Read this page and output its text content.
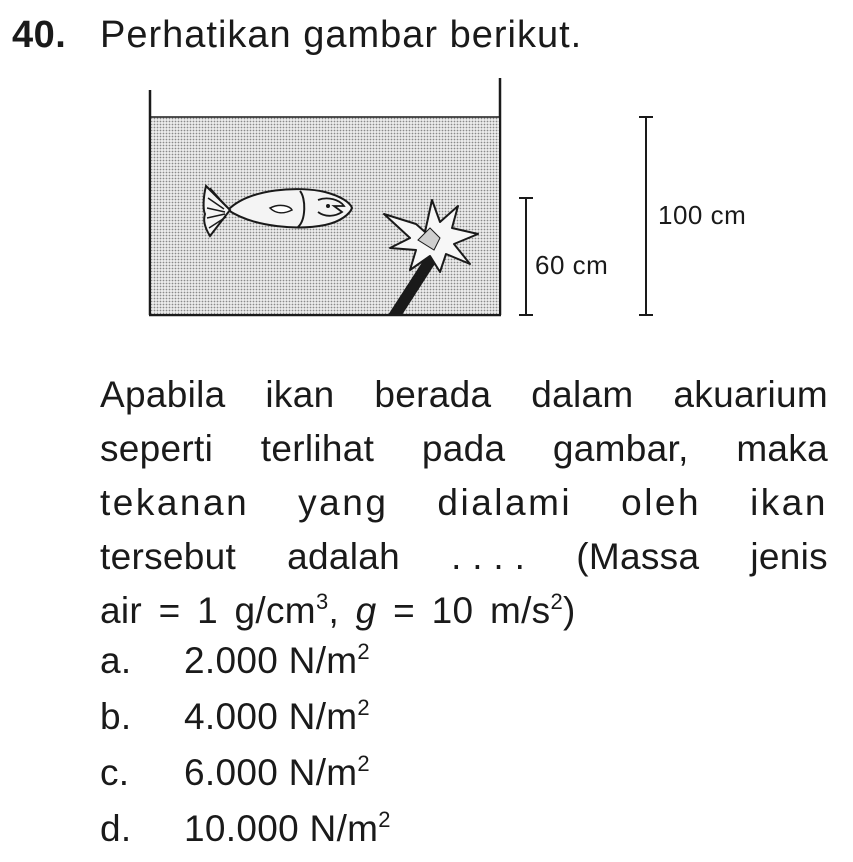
40. Perhatikan gambar berikut.
60 cm
100 cm
Apabila ikan berada dalam akuarium
seperti terlihat pada gambar, maka
tekanan yang dialami oleh ikan
tersebut adalah . . . . (Massa jenis
air = 1 $g/cm^3$, g = 10 $m/s^2$)
a. 2.000 $N/m^2$
b. 4.000 $N/m^2$
c. 6.000 $N/m^2$
d. 10.000 $N/m^2$
